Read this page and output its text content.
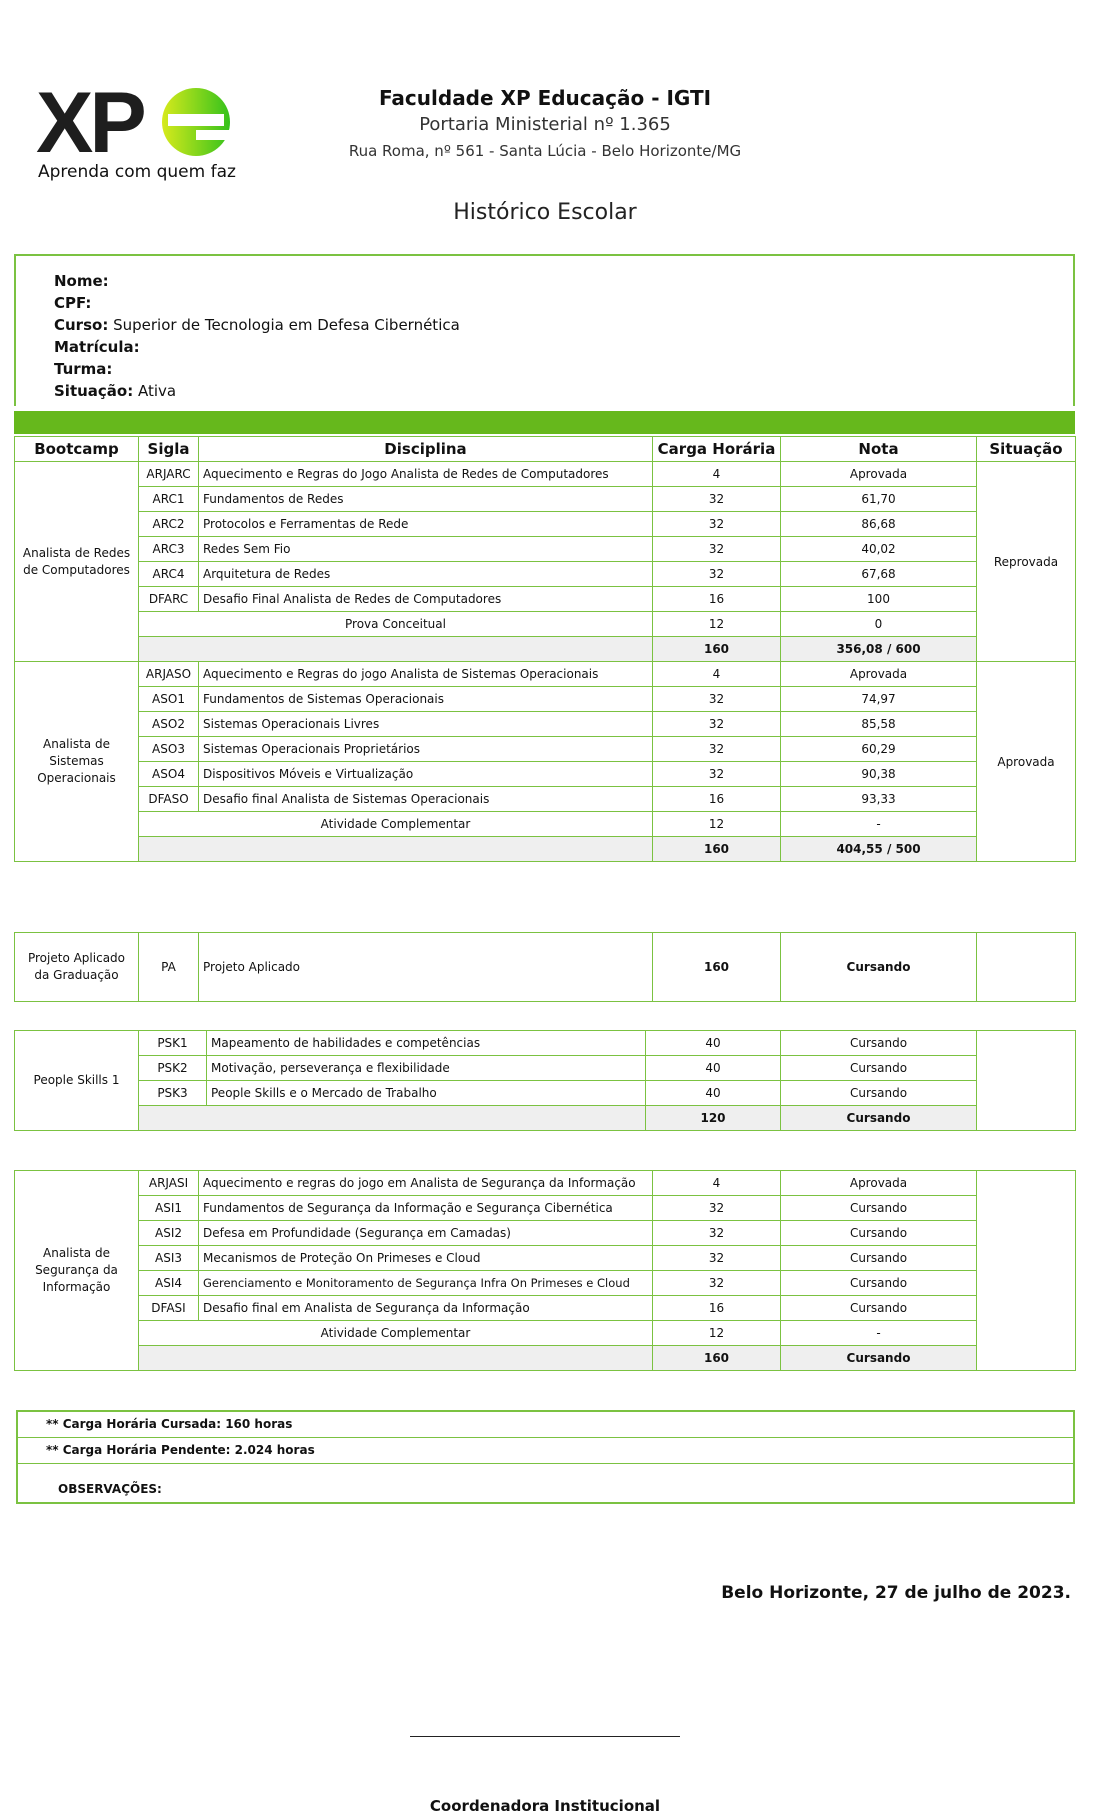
XP
Aprenda com quem faz
Faculdade XP Educação - IGTI
Portaria Ministerial nº 1.365
Rua Roma, nº 561 - Santa Lúcia - Belo Horizonte/MG
Histórico Escolar
Nome:
CPF:
Curso: Superior de Tecnologia em Defesa Cibernética
Matrícula:
Turma:
Situação: Ativa
Bootcamp	Sigla	Disciplina	Carga Horária	Nota	Situação
Analista de Redes de Computadores	ARJARC	Aquecimento e Regras do Jogo Analista de Redes de Computadores	4	Aprovada	Reprovada
	ARC1	Fundamentos de Redes	32	61,70	
	ARC2	Protocolos e Ferramentas de Rede	32	86,68	
	ARC3	Redes Sem Fio	32	40,02	
	ARC4	Arquitetura de Redes	32	67,68	
	DFARC	Desafio Final Analista de Redes de Computadores	16	100	
	Prova Conceitual		12	0	
			160	356,08 / 600	
Analista de Sistemas Operacionais	ARJASO	Aquecimento e Regras do jogo Analista de Sistemas Operacionais	4	Aprovada	Aprovada
	ASO1	Fundamentos de Sistemas Operacionais	32	74,97	
	ASO2	Sistemas Operacionais Livres	32	85,58	
	ASO3	Sistemas Operacionais Proprietários	32	60,29	
	ASO4	Dispositivos Móveis e Virtualização	32	90,38	
	DFASO	Desafio final Analista de Sistemas Operacionais	16	93,33	
	Atividade Complementar		12	-	
			160	404,55 / 500	
Projeto Aplicado da Graduação	PA	Projeto Aplicado	160	Cursando	
People Skills 1	PSK1	Mapeamento de habilidades e competências	40	Cursando	
	PSK2	Motivação, perseverança e flexibilidade	40	Cursando	
	PSK3	People Skills e o Mercado de Trabalho	40	Cursando	
			120	Cursando	
Analista de Segurança da Informação	ARJASI	Aquecimento e regras do jogo em Analista de Segurança da Informação	4	Aprovada	
	ASI1	Fundamentos de Segurança da Informação e Segurança Cibernética	32	Cursando	
	ASI2	Defesa em Profundidade (Segurança em Camadas)	32	Cursando	
	ASI3	Mecanismos de Proteção On Primeses e Cloud	32	Cursando	
	ASI4	Gerenciamento e Monitoramento de Segurança Infra On Primeses e Cloud	32	Cursando	
	DFASI	Desafio final em Analista de Segurança da Informação	16	Cursando	
	Atividade Complementar		12	-	
			160	Cursando	
** Carga Horária Cursada: 160 horas
** Carga Horária Pendente: 2.024 horas
OBSERVAÇÕES:
Belo Horizonte, 27 de julho de 2023.
Coordenadora Institucional
